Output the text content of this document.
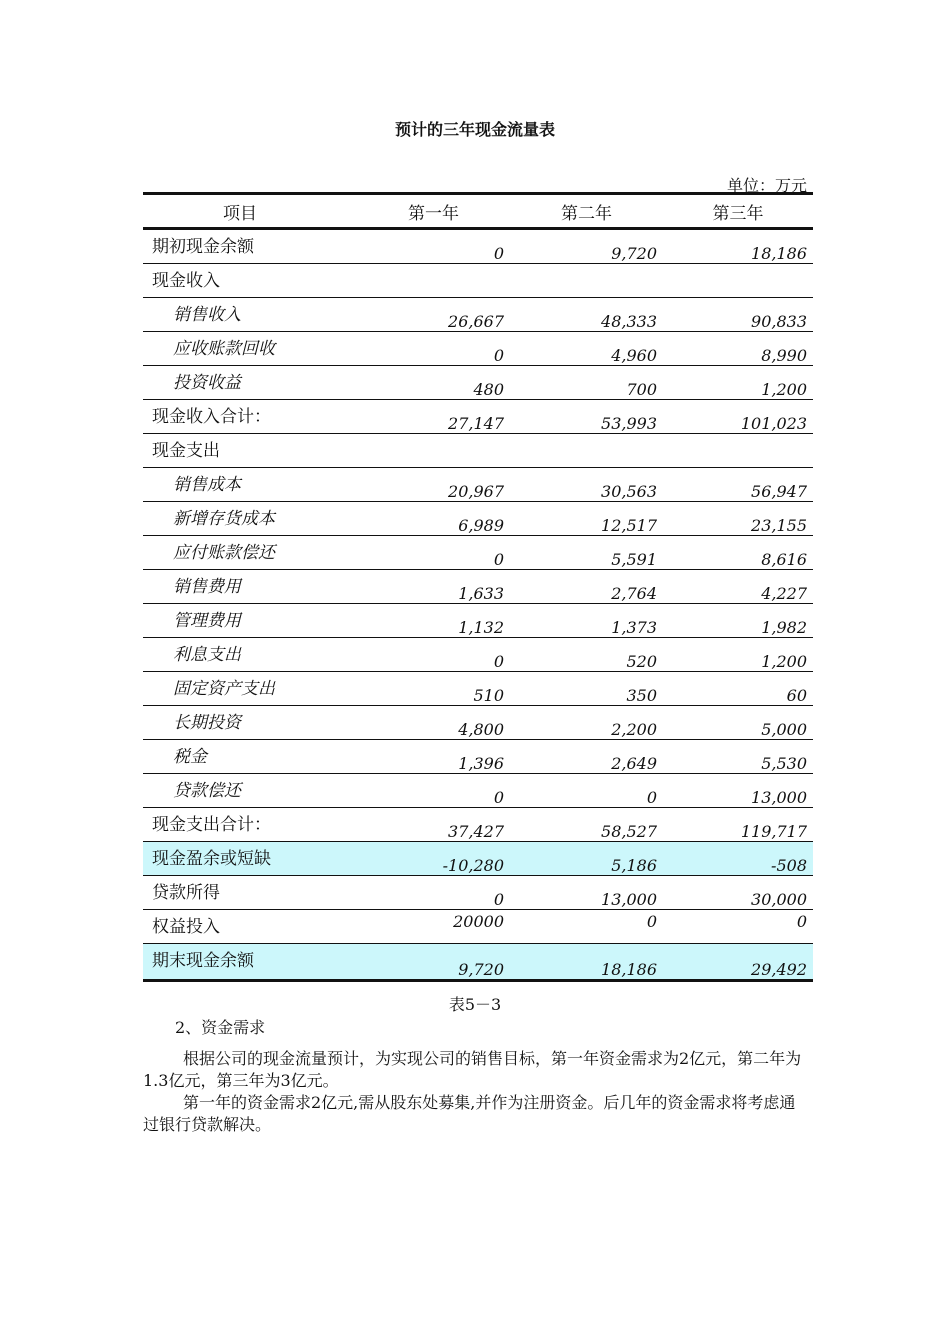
预计的三年现金流量表
单位：万元
项目	第一年	第二年	第三年
期初现金余额	0	9,720	18,186
现金收入			
销售收入	26,667	48,333	90,833
应收账款回收	0	4,960	8,990
投资收益	480	700	1,200
现金收入合计：	27,147	53,993	101,023
现金支出			
销售成本	20,967	30,563	56,947
新增存货成本	6,989	12,517	23,155
应付账款偿还	0	5,591	8,616
销售费用	1,633	2,764	4,227
管理费用	1,132	1,373	1,982
利息支出	0	520	1,200
固定资产支出	510	350	60
长期投资	4,800	2,200	5,000
税金	1,396	2,649	5,530
贷款偿还	0	0	13,000
现金支出合计：	37,427	58,527	119,717
现金盈余或短缺	-10,280	5,186	-508
贷款所得	0	13,000	30,000
权益投入	20000	0	0
期末现金余额	9,720	18,186	29,492
表5－3
2、资金需求

根据公司的现金流量预计，为实现公司的销售目标，第一年资金需求为2亿元，第二年为1.3亿元，第三年为3亿元。

第一年的资金需求2亿元,需从股东处募集,并作为注册资金。后几年的资金需求将考虑通过银行贷款解决。
